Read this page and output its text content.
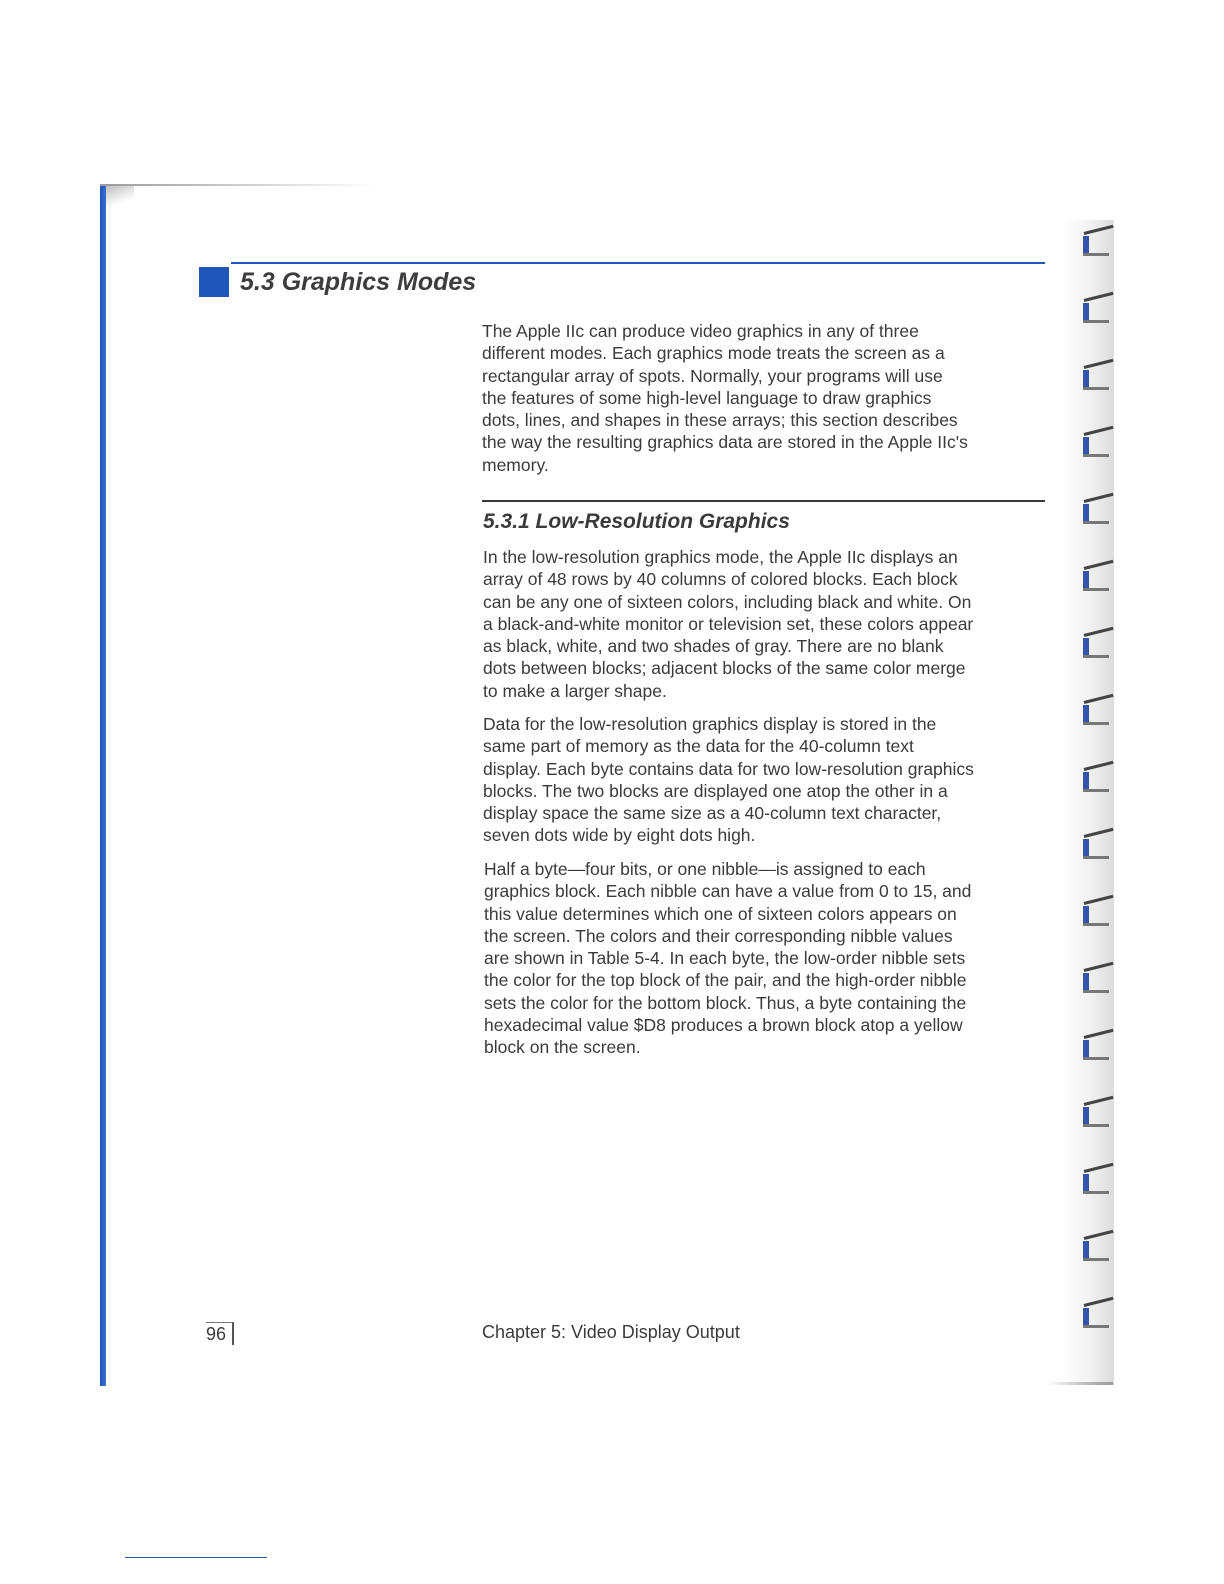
5.3 Graphics Modes

The Apple IIc can produce video graphics in any of three
different modes. Each graphics mode treats the screen as a
rectangular array of spots. Normally, your programs will use
the features of some high-level language to draw graphics
dots, lines, and shapes in these arrays; this section describes
the way the resulting graphics data are stored in the Apple IIc's
memory.

5.3.1 Low-Resolution Graphics

In the low-resolution graphics mode, the Apple IIc displays an
array of 48 rows by 40 columns of colored blocks. Each block
can be any one of sixteen colors, including black and white. On
a black-and-white monitor or television set, these colors appear
as black, white, and two shades of gray. There are no blank
dots between blocks; adjacent blocks of the same color merge
to make a larger shape.

Data for the low-resolution graphics display is stored in the
same part of memory as the data for the 40-column text
display. Each byte contains data for two low-resolution graphics
blocks. The two blocks are displayed one atop the other in a
display space the same size as a 40-column text character,
seven dots wide by eight dots high.

Half a byte—four bits, or one nibble—is assigned to each
graphics block. Each nibble can have a value from 0 to 15, and
this value determines which one of sixteen colors appears on
the screen. The colors and their corresponding nibble values
are shown in Table 5-4. In each byte, the low-order nibble sets
the color for the top block of the pair, and the high-order nibble
sets the color for the bottom block. Thus, a byte containing the
hexadecimal value $D8 produces a brown block atop a yellow
block on the screen.

96	Chapter 5: Video Display Output
